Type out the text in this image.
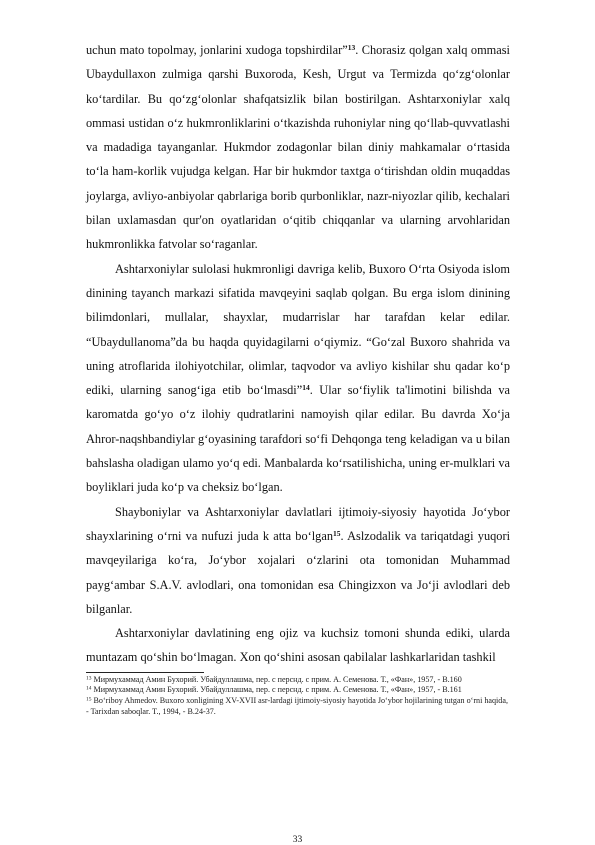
uchun mato topolmay, jonlarini xudoga topshirdilar”$^{13}$. Chorasiz qolgan xalq ommasi Ubaydullaxon zulmiga qarshi Buxoroda, Kesh, Urgut va Termizda qo‘zg‘olonlar ko‘tardilar. Bu qo‘zg‘olonlar shafqatsizlik bilan bostirilgan. Ashtarxoniylar xalq ommasi ustidan o‘z hukmronliklarini o‘tkazishda ruhoniylar ning qo‘llab-quvvatlashi va madadiga tayanganlar. Hukmdor zodagonlar bilan diniy mahkamalar o‘rtasida to‘la ham-korlik vujudga kelgan. Har bir hukmdor taxtga o‘tirishdan oldin muqaddas joylarga, avliyo-anbiyolar qabrlariga borib qurbonliklar, nazr-niyozlar qilib, kechalari bilan uxlamasdan qur'on oyatlaridan o‘qitib chiqqanlar va ularning arvohlaridan hukmronlikka fatvolar so‘raganlar.

Ashtarxoniylar sulolasi hukmronligi davriga kelib, Buxoro O‘rta Osiyoda islom dinining tayanch markazi sifatida mavqeyini saqlab qolgan. Bu erga islom dinining bilimdonlari, mullalar, shayxlar, mudarrislar har tarafdan kelar edilar. “Ubaydullanoma”da bu haqda quyidagilarni o‘qiymiz. “Go‘zal Buxoro shahrida va uning atroflarida ilohiyotchilar, olimlar, taqvodor va avliyo kishilar shu qadar ko‘p ediki, ularning sanog‘iga etib bo‘lmasdi”$^{14}$. Ular so‘fiylik ta'limotini bilishda va karomatda go‘yo o‘z ilohiy qudratlarini namoyish qilar edilar. Bu davrda Xo‘ja Ahror-naqshbandiylar g‘oyasining tarafdori so‘fi Dehqonga teng keladigan va u bilan bahslasha oladigan ulamo yo‘q edi. Manbalarda ko‘rsatilishicha, uning er-mulklari va boyliklari juda ko‘p va cheksiz bo‘lgan.

Shayboniylar va Ashtarxoniylar davlatlari ijtimoiy-siyosiy hayotida Jo‘ybor shayxlarining o‘rni va nufuzi juda k atta bo‘lgan$^{15}$. Aslzodalik va tariqatdagi yuqori mavqeyilariga ko‘ra, Jo‘ybor xojalari o‘zlarini ota tomonidan Muhammad payg‘ambar S.A.V. avlodlari, ona tomonidan esa Chingizxon va Jo‘ji avlodlari deb bilganlar.

Ashtarxoniylar davlatining eng ojiz va kuchsiz tomoni shunda ediki, ularda muntazam qo‘shin bo‘lmagan. Xon qo‘shini asosan qabilalar lashkarlaridan tashkil

$^{13}$ Мирмухаммад Амин Бухорий. Убайдуллашма, пер. с перснд. с прим. А. Семенова. Т., «Фан», 1957, - В.160

$^{14}$ Мирмухаммад Амин Бухорий. Убайдуллашма, пер. с перснд. с прим. А. Семенова. Т., «Фан», 1957, - В.161

$^{15}$ Bo‘riboy Ahmedov. Buxoro xonligining XV-XVII asr-lardagi ijtimoiy-siyosiy hayotida Jo‘ybor hojilarining tutgan o‘rni haqida, - Tarixdan saboqlar. T., 1994, - B.24-37.

33
